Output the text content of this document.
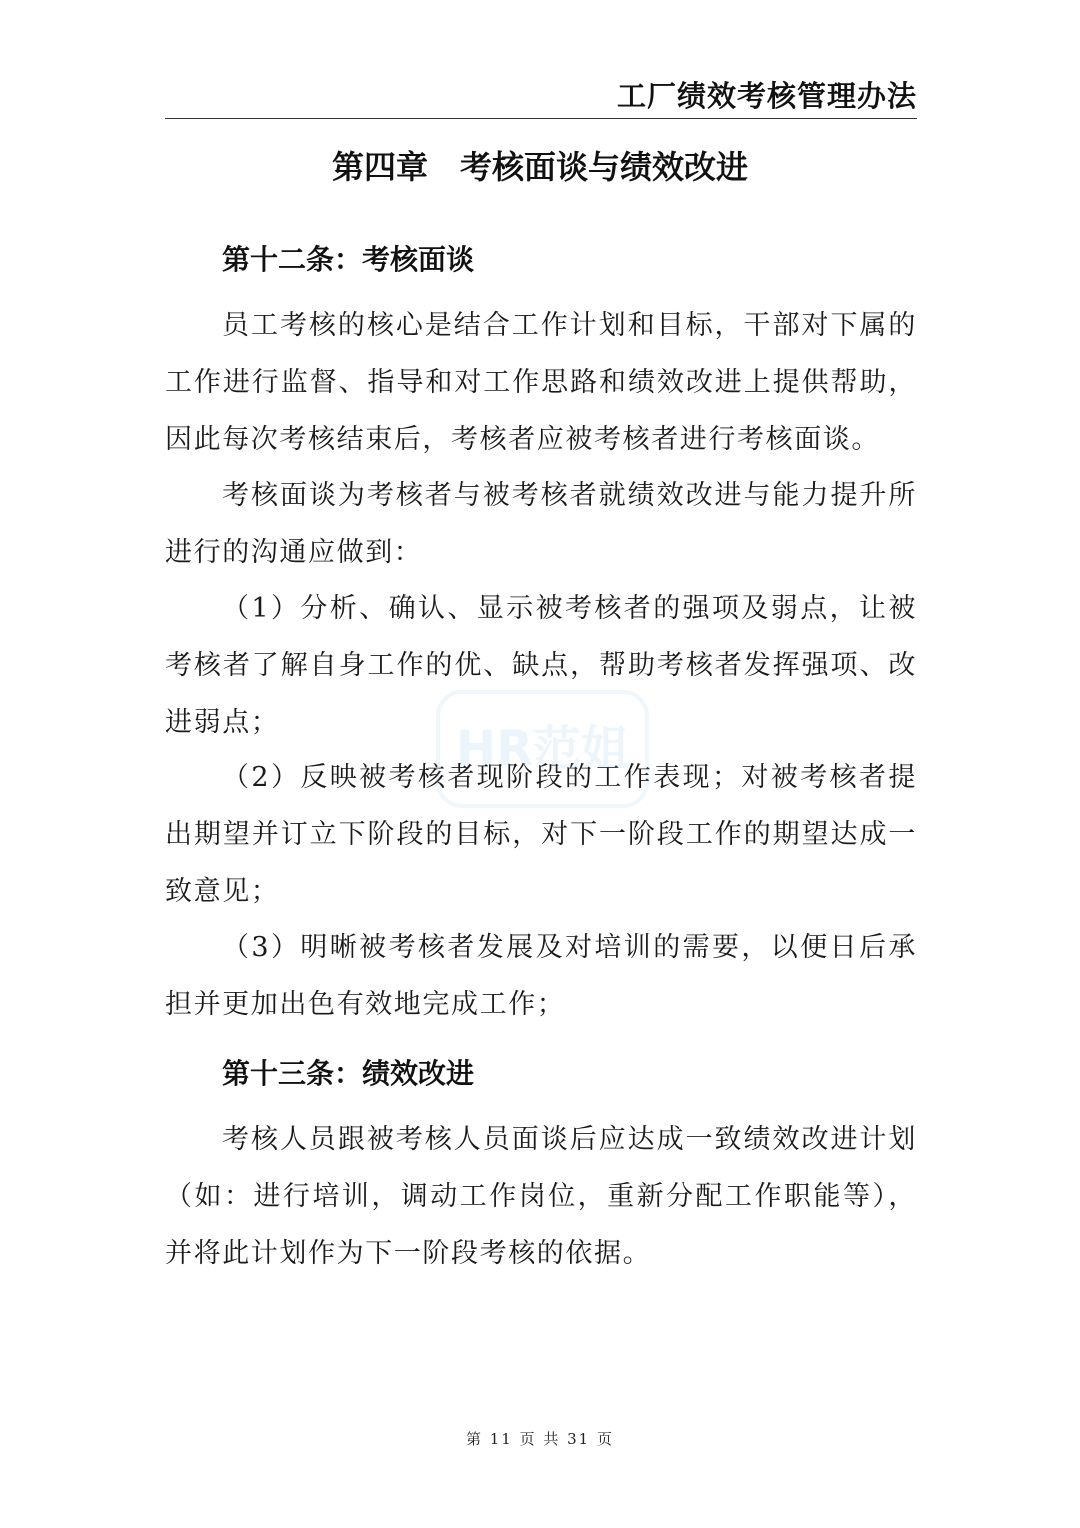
工厂绩效考核管理办法
第四章　考核面谈与绩效改进
第十二条：考核面谈

员工考核的核心是结合工作计划和目标，干部对下属的工作进行监督、指导和对工作思路和绩效改进上提供帮助，因此每次考核结束后，考核者应被考核者进行考核面谈。

考核面谈为考核者与被考核者就绩效改进与能力提升所进行的沟通应做到：

（1）分析、确认、显示被考核者的强项及弱点，让被考核者了解自身工作的优、缺点，帮助考核者发挥强项、改进弱点；

（2）反映被考核者现阶段的工作表现；对被考核者提出期望并订立下阶段的目标，对下一阶段工作的期望达成一致意见；

（3）明晰被考核者发展及对培训的需要，以便日后承担并更加出色有效地完成工作；

第十三条：绩效改进

考核人员跟被考核人员面谈后应达成一致绩效改进计划（如：进行培训，调动工作岗位，重新分配工作职能等），并将此计划作为下一阶段考核的依据。

HR范姐
第 11 页 共 31 页
